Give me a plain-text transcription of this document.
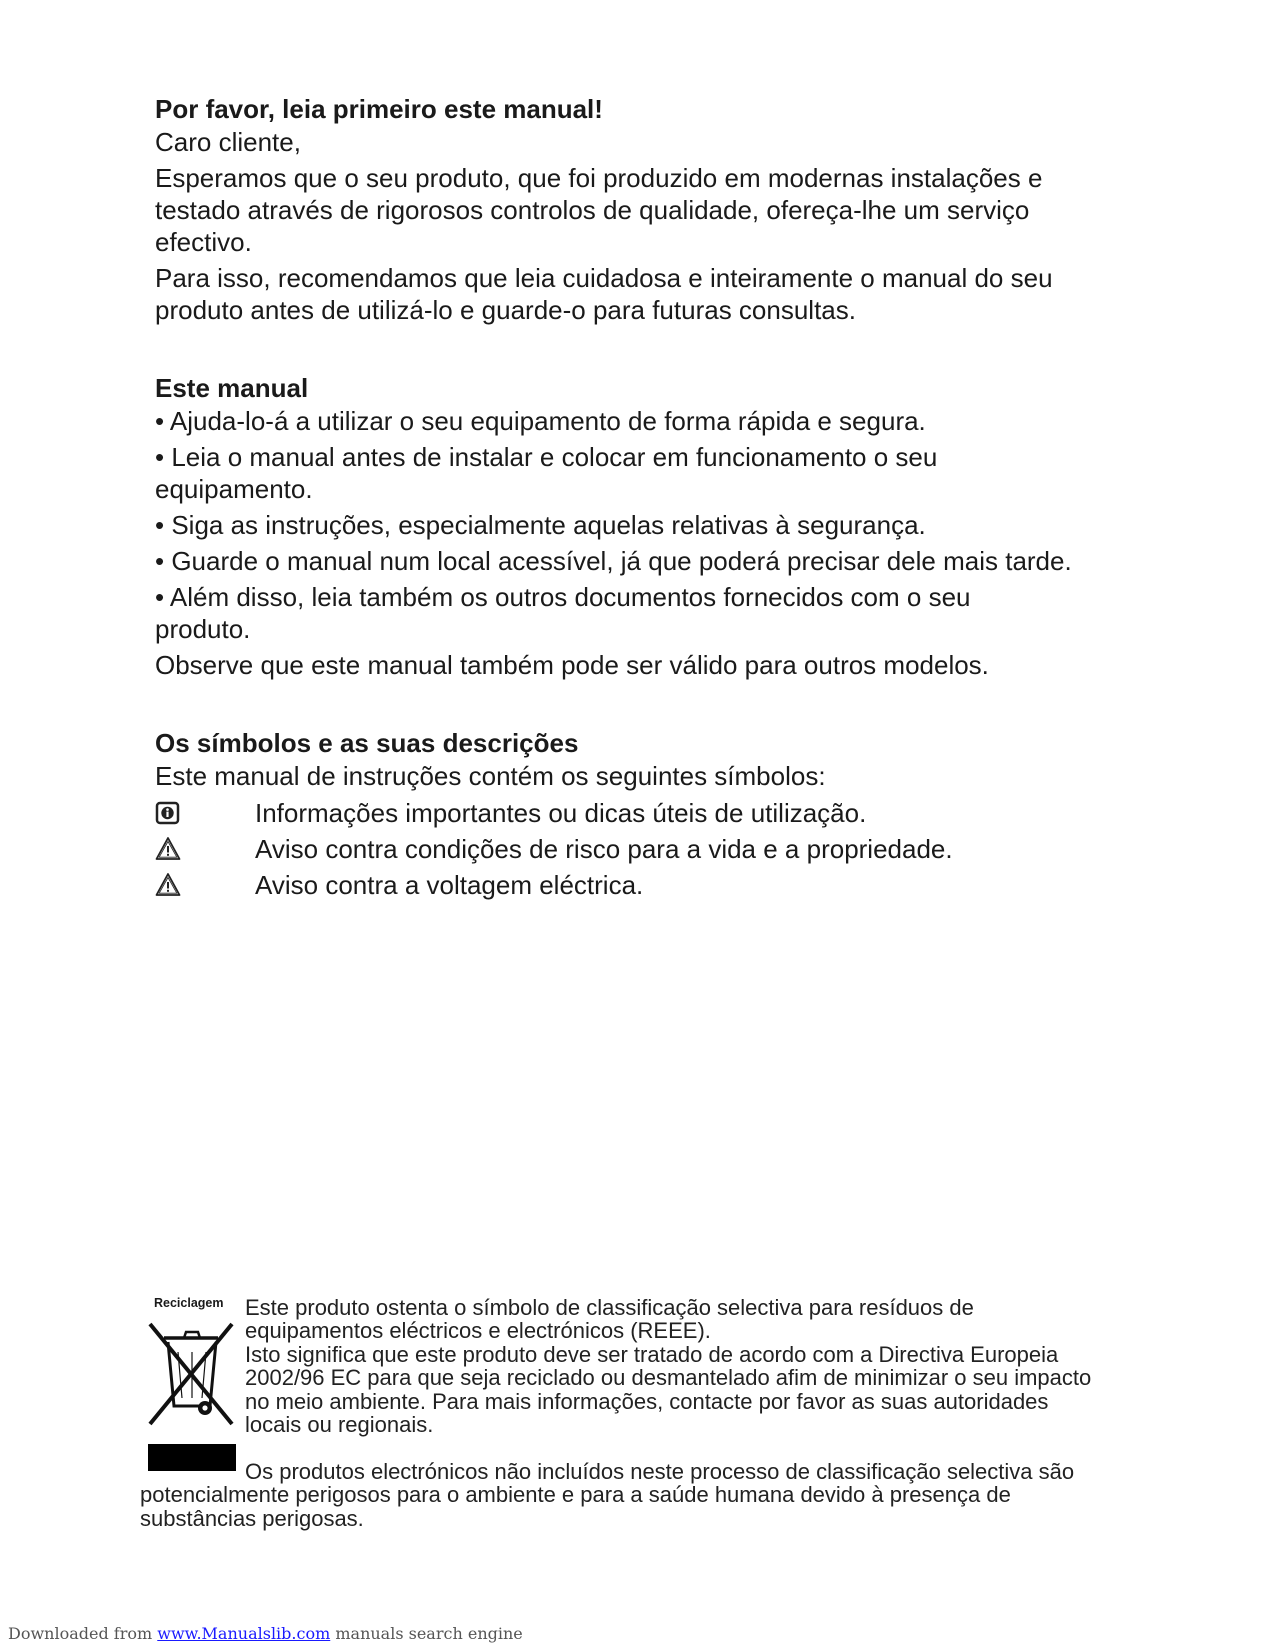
Por favor, leia primeiro este manual!
Caro cliente,
Esperamos que o seu produto, que foi produzido em modernas instalações e
testado através de rigorosos controlos de qualidade, ofereça-lhe um serviço
efectivo.
Para isso, recomendamos que leia cuidadosa e inteiramente o manual do seu
produto antes de utilizá-lo e guarde-o para futuras consultas.
Este manual
• Ajuda-lo-á a utilizar o seu equipamento de forma rápida e segura.
• Leia o manual antes de instalar e colocar em funcionamento o seu
equipamento.
• Siga as instruções, especialmente aquelas relativas à segurança.
• Guarde o manual num local acessível, já que poderá precisar dele mais tarde.
• Além disso, leia também os outros documentos fornecidos com o seu
produto.
Observe que este manual também pode ser válido para outros modelos.
Os símbolos e as suas descrições
Este manual de instruções contém os seguintes símbolos:
Informações importantes ou dicas úteis de utilização.
Aviso contra condições de risco para a vida e a propriedade.
Aviso contra a voltagem eléctrica.
Reciclagem Este produto ostenta o símbolo de classificação selectiva para resíduos de
equipamentos eléctricos e electrónicos (REEE).
Isto significa que este produto deve ser tratado de acordo com a Directiva Europeia
2002/96 EC para que seja reciclado ou desmantelado afim de minimizar o seu impacto
no meio ambiente. Para mais informações, contacte por favor as suas autoridades
locais ou regionais.
Os produtos electrónicos não incluídos neste processo de classificação selectiva são
potencialmente perigosos para o ambiente e para a saúde humana devido à presença de
substâncias perigosas.
Downloaded from www.Manualslib.com manuals search engine
